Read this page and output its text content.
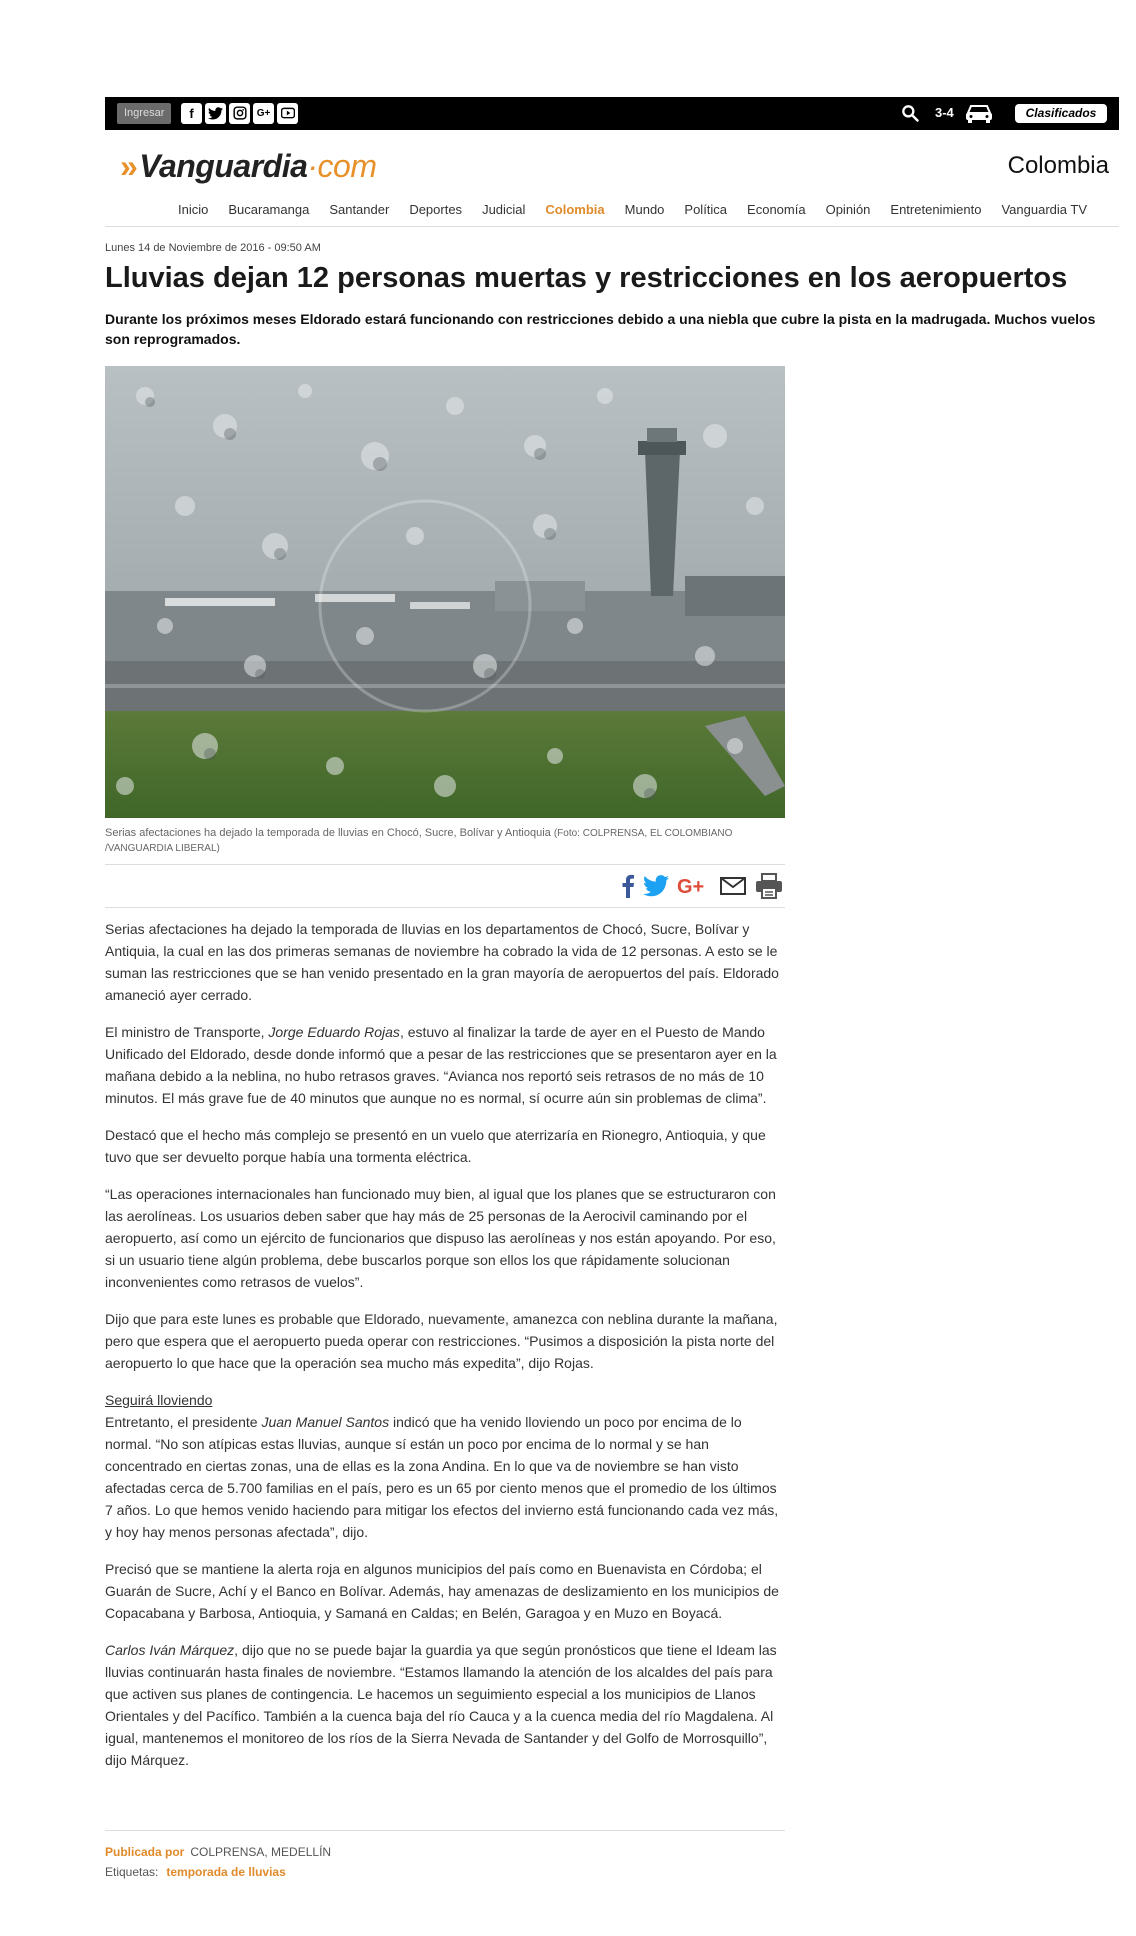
Ingresar	f	G+	3-4	Clasificados
»Vanguardia·com	Colombia
Inicio	Bucaramanga	Santander	Deportes	Judicial	Colombia	Mundo	Política	Economía	Opinión	Entretenimiento	Vanguardia TV
Lunes 14 de Noviembre de 2016 - 09:50 AM
Lluvias dejan 12 personas muertas y restricciones en los aeropuertos

Durante los próximos meses Eldorado estará funcionando con restricciones debido a una niebla que cubre la pista en la madrugada. Muchos vuelos son reprogramados.

Serias afectaciones ha dejado la temporada de lluvias en Chocó, Sucre, Bolívar y Antioquia (Foto: COLPRENSA, EL COLOMBIANO /VANGUARDIA LIBERAL)
G+

Serias afectaciones ha dejado la temporada de lluvias en los departamentos de Chocó, Sucre, Bolívar y Antiquia, la cual en las dos primeras semanas de noviembre ha cobrado la vida de 12 personas. A esto se le suman las restricciones que se han venido presentado en la gran mayoría de aeropuertos del país. Eldorado amaneció ayer cerrado.

El ministro de Transporte, Jorge Eduardo Rojas, estuvo al finalizar la tarde de ayer en el Puesto de Mando Unificado del Eldorado, desde donde informó que a pesar de las restricciones que se presentaron ayer en la mañana debido a la neblina, no hubo retrasos graves. “Avianca nos reportó seis retrasos de no más de 10 minutos. El más grave fue de 40 minutos que aunque no es normal, sí ocurre aún sin problemas de clima”.

Destacó que el hecho más complejo se presentó en un vuelo que aterrizaría en Rionegro, Antioquia, y que tuvo que ser devuelto porque había una tormenta eléctrica.

“Las operaciones internacionales han funcionado muy bien, al igual que los planes que se estructuraron con las aerolíneas. Los usuarios deben saber que hay más de 25 personas de la Aerocivil caminando por el aeropuerto, así como un ejército de funcionarios que dispuso las aerolíneas y nos están apoyando. Por eso, si un usuario tiene algún problema, debe buscarlos porque son ellos los que rápidamente solucionan inconvenientes como retrasos de vuelos”.

Dijo que para este lunes es probable que Eldorado, nuevamente, amanezca con neblina durante la mañana, pero que espera que el aeropuerto pueda operar con restricciones. “Pusimos a disposición la pista norte del aeropuerto lo que hace que la operación sea mucho más expedita”, dijo Rojas.

Seguirá lloviendo
Entretanto, el presidente Juan Manuel Santos indicó que ha venido lloviendo un poco por encima de lo normal. “No son atípicas estas lluvias, aunque sí están un poco por encima de lo normal y se han concentrado en ciertas zonas, una de ellas es la zona Andina. En lo que va de noviembre se han visto afectadas cerca de 5.700 familias en el país, pero es un 65 por ciento menos que el promedio de los últimos 7 años. Lo que hemos venido haciendo para mitigar los efectos del invierno está funcionando cada vez más, y hoy hay menos personas afectada”, dijo.

Precisó que se mantiene la alerta roja en algunos municipios del país como en Buenavista en Córdoba; el Guarán de Sucre, Achí y el Banco en Bolívar. Además, hay amenazas de deslizamiento en los municipios de Copacabana y Barbosa, Antioquia, y Samaná en Caldas; en Belén, Garagoa y en Muzo en Boyacá.

Carlos Iván Márquez, dijo que no se puede bajar la guardia ya que según pronósticos que tiene el Ideam las lluvias continuarán hasta finales de noviembre. “Estamos llamando la atención de los alcaldes del país para que activen sus planes de contingencia. Le hacemos un seguimiento especial a los municipios de Llanos Orientales y del Pacífico. También a la cuenca baja del río Cauca y a la cuenca media del río Magdalena. Al igual, mantenemos el monitoreo de los ríos de la Sierra Nevada de Santander y del Golfo de Morrosquillo”, dijo Márquez.

Publicada por COLPRENSA, MEDELLÍN
Etiquetas: temporada de lluvias
